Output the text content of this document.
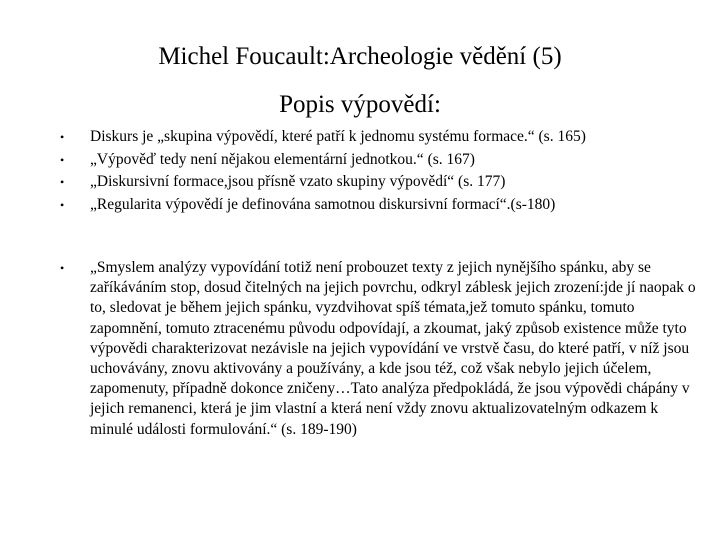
Michel Foucault:Archeologie vědění (5)
Popis výpovědí:
• Diskurs je „skupina výpovědí, které patří k jednomu systému formace.“ (s. 165)
• „Výpověď tedy není nějakou elementární jednotkou.“ (s. 167)
• „Diskursivní formace,jsou přísně vzato skupiny výpovědí“ (s. 177)
• „Regularita výpovědí je definována samotnou diskursivní formací“.(s-180)
• „Smyslem analýzy vypovídání totiž není probouzet texty z jejich nynějšího spánku, aby se zaříkáváním stop, dosud čitelných na jejich povrchu, odkryl záblesk jejich zrození:jde jí naopak o to, sledovat je během jejich spánku, vyzdvihovat spíš témata,jež tomuto spánku, tomuto zapomnění, tomuto ztracenému původu odpovídají, a zkoumat, jaký způsob existence může tyto výpovědi charakterizovat nezávisle na jejich vypovídání ve vrstvě času, do které patří, v níž jsou uchovávány, znovu aktivovány a používány, a kde jsou též, což však nebylo jejich účelem, zapomenuty, případně dokonce zničeny…Tato analýza předpokládá, že jsou výpovědi chápány v jejich remanenci, která je jim vlastní a která není vždy znovu aktualizovatelným odkazem k minulé události formulování.“ (s. 189-190)
